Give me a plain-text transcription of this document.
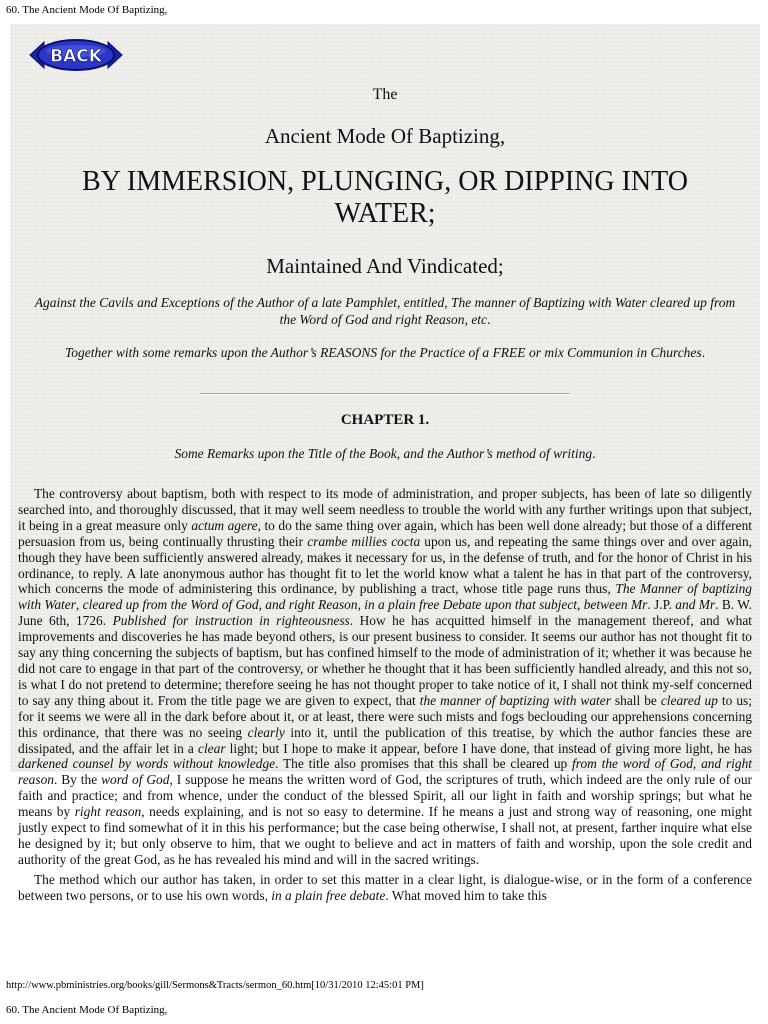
60. The Ancient Mode Of Baptizing,
BACK
The
Ancient Mode Of Baptizing,
BY IMMERSION, PLUNGING, OR DIPPING INTO WATER;
Maintained And Vindicated;
Against the Cavils and Exceptions of the Author of a late Pamphlet, entitled, The manner of Baptizing with Water cleared up from the Word of God and right Reason, etc.
Together with some remarks upon the Author’s REASONS for the Practice of a FREE or mix Communion in Churches.
CHAPTER 1.
Some Remarks upon the Title of the Book, and the Author’s method of writing.

The controversy about baptism, both with respect to its mode of administration, and proper subjects, has been of late so diligently searched into, and thoroughly discussed, that it may well seem needless to trouble the world with any further writings upon that subject, it being in a great measure only actum agere, to do the same thing over again, which has been well done already; but those of a different persuasion from us, being continually thrusting their crambe millies cocta upon us, and repeating the same things over and over again, though they have been sufficiently answered already, makes it necessary for us, in the defense of truth, and for the honor of Christ in his ordinance, to reply. A late anonymous author has thought fit to let the world know what a talent he has in that part of the controversy, which concerns the mode of administering this ordinance, by publishing a tract, whose title page runs thus, The Manner of baptizing with Water, cleared up from the Word of God, and right Reason, in a plain free Debate upon that subject, between Mr. J.P. and Mr. B. W. June 6th, 1726. Published for instruction in righteousness. How he has acquitted himself in the management thereof, and what improvements and discoveries he has made beyond others, is our present business to consider. It seems our author has not thought fit to say any thing concerning the subjects of baptism, but has confined himself to the mode of administration of it; whether it was because he did not care to engage in that part of the controversy, or whether he thought that it has been sufficiently handled already, and this not so, is what I do not pretend to determine; therefore seeing he has not thought proper to take notice of it, I shall not think my-self concerned to say any thing about it. From the title page we are given to expect, that the manner of baptizing with water shall be cleared up to us; for it seems we were all in the dark before about it, or at least, there were such mists and fogs beclouding our apprehensions concerning this ordinance, that there was no seeing clearly into it, until the publication of this treatise, by which the author fancies these are dissipated, and the affair let in a clear light; but I hope to make it appear, before I have done, that instead of giving more light, he has darkened counsel by words without knowledge. The title also promises that this shall be cleared up from the word of God, and right reason. By the word of God, I suppose he means the written word of God, the scriptures of truth, which indeed are the only rule of our faith and practice; and from whence, under the conduct of the blessed Spirit, all our light in faith and worship springs; but what he means by right reason, needs explaining, and is not so easy to determine. If he means a just and strong way of reasoning, one might justly expect to find somewhat of it in this his performance; but the case being otherwise, I shall not, at present, farther inquire what else he designed by it; but only observe to him, that we ought to believe and act in matters of faith and worship, upon the sole credit and authority of the great God, as he has revealed his mind and will in the sacred writings.

The method which our author has taken, in order to set this matter in a clear light, is dialogue-wise, or in the form of a conference between two persons, or to use his own words, in a plain free debate. What moved him to take this

http://www.pbministries.org/books/gill/Sermons&Tracts/sermon_60.htm[10/31/2010 12:45:01 PM]
60. The Ancient Mode Of Baptizing,
